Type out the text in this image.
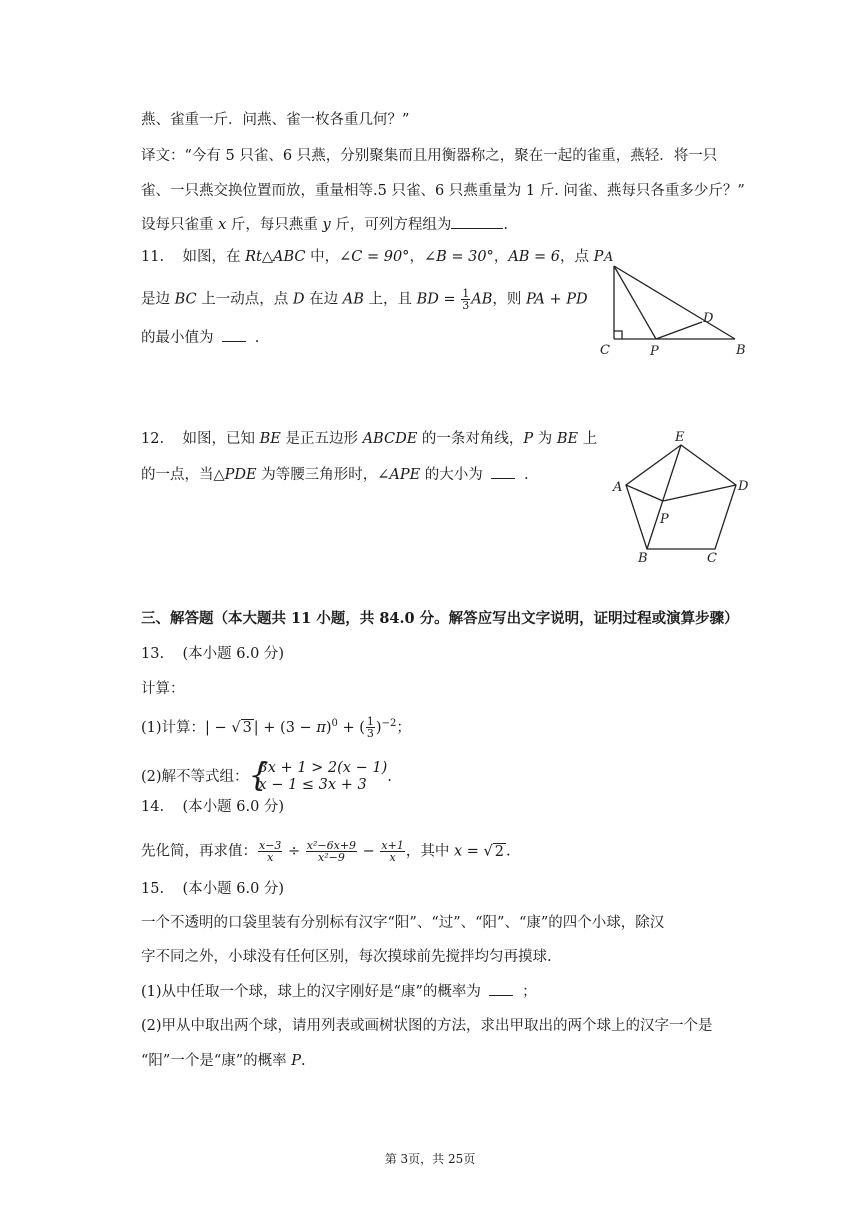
燕、雀重一斤．问燕、雀一枚各重几何？”
译文：“今有 5 只雀、6 只燕，分别聚集而且用衡器称之，聚在一起的雀重，燕轻．将一只
雀、一只燕交换位置而放，重量相等.5 只雀、6 只燕重量为 1 斤. 问雀、燕每只各重多少斤？”
设每只雀重 x 斤，每只燕重 y 斤，可列方程组为	.
11. 如图，在 Rt△ABC 中，∠C = 90°，∠B = 30°，AB = 6，点 P
是边 BC 上一动点，点 D 在边 AB 上，且 BD = $\frac{1}{3}$ AB，则 PA + PD
的最小值为  .
A
C	P	B
D
12. 如图，已知 BE 是正五边形 ABCDE 的一条对角线，P 为 BE 上
的一点，当△PDE 为等腰三角形时，∠APE 的大小为  .
E
A	D
P
B	C
三、解答题（本大题共 11 小题，共 84.0 分。解答应写出文字说明，证明过程或演算步骤）
13. (本小题 6.0 分)
计算：
(1)计算：| − √ 3 | + $(3 - \pi)^0$ + ( $\frac{1}{3} )^{-2}$；
(2)解不等式组： {
3x + 1 > 2(x − 1)
x − 1 ≤ 3x + 3	.
14. (本小题 6.0 分)
先化简，再求值： $\frac{x-3}{x} \div \frac{\text{x²−6x+9}}{\text{x²−9}} - \frac{x+1}{x}$ ，其中 x = √ 2 .
15. (本小题 6.0 分)
一个不透明的口袋里装有分别标有汉字“阳”、“过”、“阳”、“康”的四个小球，除汉
字不同之外，小球没有任何区别，每次摸球前先搅拌均匀再摸球.
(1)从中任取一个球，球上的汉字刚好是“康”的概率为  ；
(2)甲从中取出两个球，请用列表或画树状图的方法，求出甲取出的两个球上的汉字一个是
“阳”一个是“康”的概率 P.
第 3页，共 25页
